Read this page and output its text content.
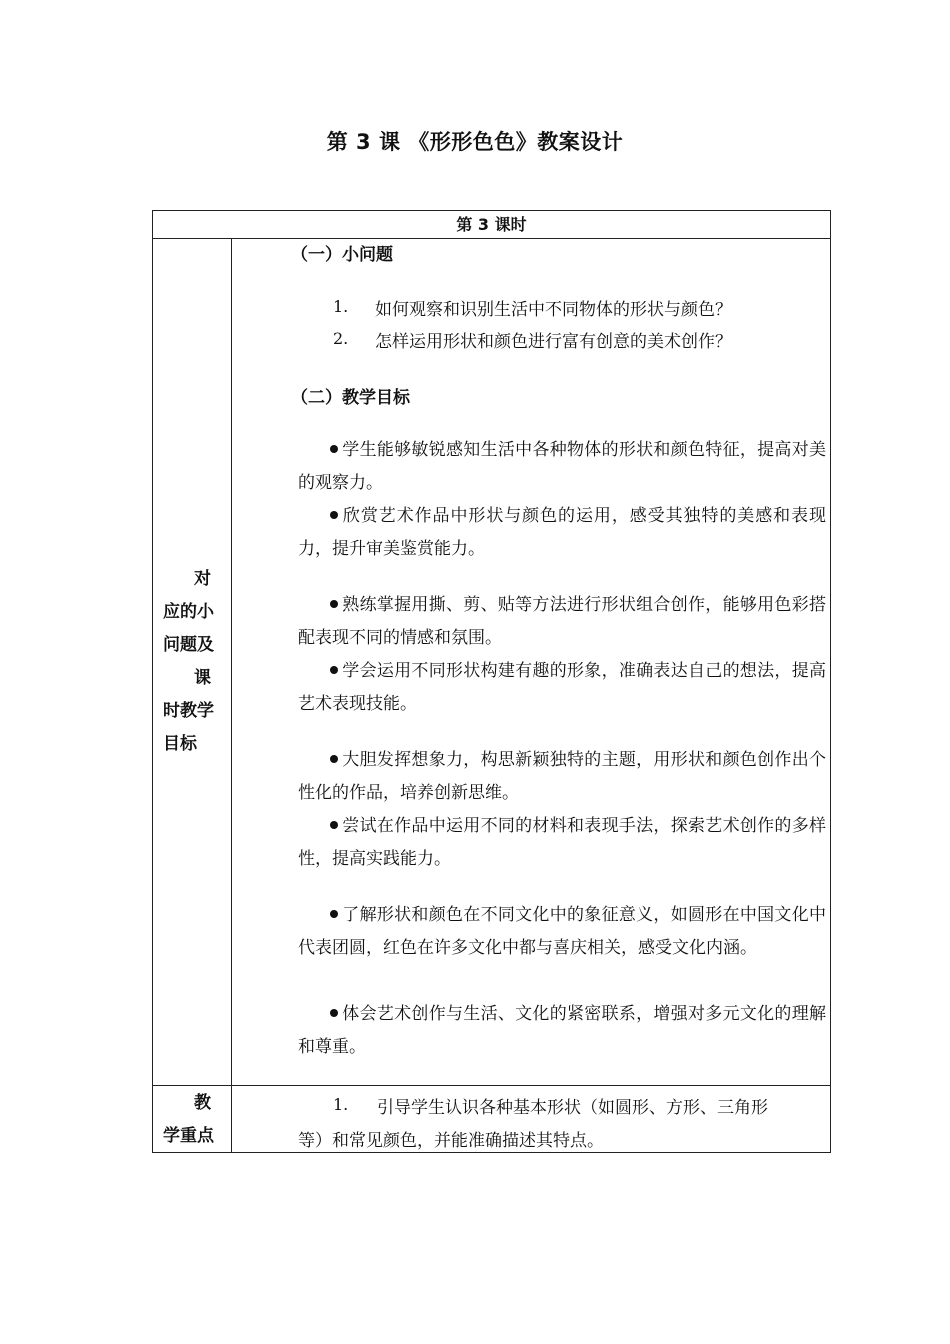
第 3 课 《形形色色》教案设计
第 3 课时
对
应的小
问题及
课
时教学
目标
（一）小问题
1. 如何观察和识别生活中不同物体的形状与颜色？
2. 怎样运用形状和颜色进行富有创意的美术创作？
（二）教学目标
学生能够敏锐感知生活中各种物体的形状和颜色特征，提高对美的观察力。
欣赏艺术作品中形状与颜色的运用，感受其独特的美感和表现力，提升审美鉴赏能力。
熟练掌握用撕、剪、贴等方法进行形状组合创作，能够用色彩搭配表现不同的情感和氛围。
学会运用不同形状构建有趣的形象，准确表达自己的想法，提高艺术表现技能。
大胆发挥想象力，构思新颖独特的主题，用形状和颜色创作出个性化的作品，培养创新思维。
尝试在作品中运用不同的材料和表现手法，探索艺术创作的多样性，提高实践能力。
了解形状和颜色在不同文化中的象征意义，如圆形在中国文化中代表团圆，红色在许多文化中都与喜庆相关，感受文化内涵。
体会艺术创作与生活、文化的紧密联系，增强对多元文化的理解和尊重。
教
学重点
1. 引导学生认识各种基本形状（如圆形、方形、三角形
等）和常见颜色，并能准确描述其特点。
